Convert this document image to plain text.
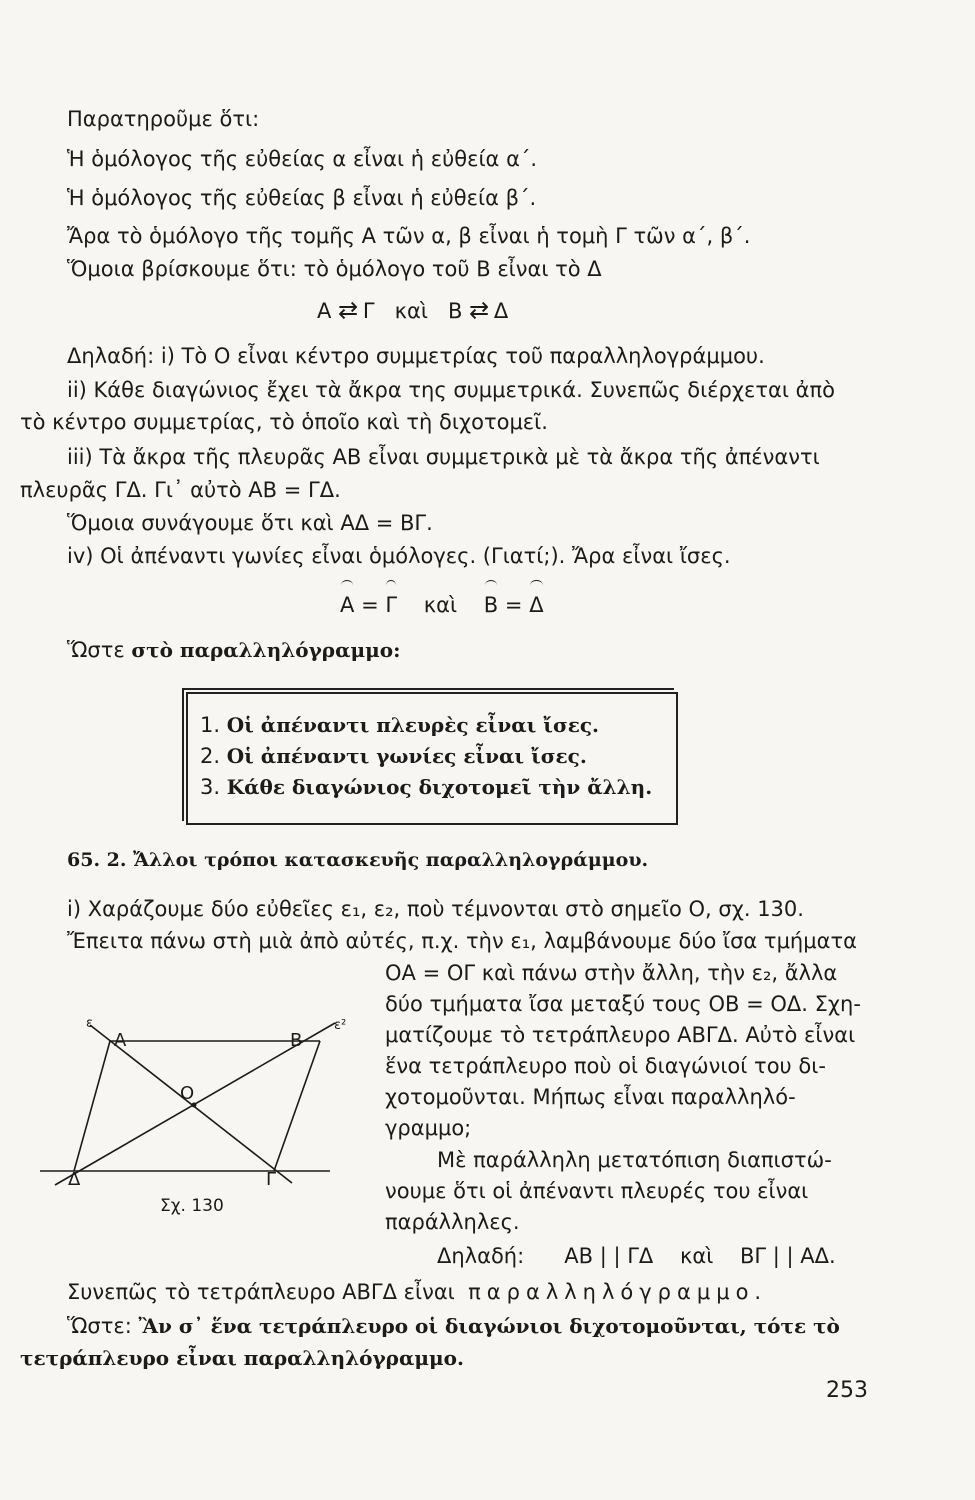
Παρατηροῦμε ὅτι:
Ἡ ὁμόλογος τῆς εὐθείας α εἶναι ἡ εὐθεία α΄.
Ἡ ὁμόλογος τῆς εὐθείας β εἶναι ἡ εὐθεία β΄.
Ἄρα τὸ ὁμόλογο τῆς τομῆς Α τῶν α, β εἶναι ἡ τομὴ Γ τῶν α΄, β΄.
Ὅμοια βρίσκουμε ὅτι: τὸ ὁμόλογο τοῦ Β εἶναι τὸ Δ
Α ⇄ Γ καὶ Β ⇄ Δ
Δηλαδή: i) Τὸ Ο εἶναι κέντρο συμμετρίας τοῦ παραλληλογράμμου.
ii) Κάθε διαγώνιος ἔχει τὰ ἄκρα της συμμετρικά. Συνεπῶς διέρχεται ἀπὸ
τὸ κέντρο συμμετρίας, τὸ ὁποῖο καὶ τὴ διχοτομεῖ.
iii) Τὰ ἄκρα τῆς πλευρᾶς ΑΒ εἶναι συμμετρικὰ μὲ τὰ ἄκρα τῆς ἀπέναντι
πλευρᾶς ΓΔ. Γι᾽ αὐτὸ ΑΒ = ΓΔ.
Ὅμοια συνάγουμε ὅτι καὶ ΑΔ = ΒΓ.
iv) Οἱ ἀπέναντι γωνίες εἶναι ὁμόλογες. (Γιατί;). Ἄρα εἶναι ἴσες.
Α = Γ καὶ Β = Δ
Ὥστε στὸ παραλληλόγραμμο:
1. Οἱ ἀπέναντι πλευρὲς εἶναι ἴσες.
2. Οἱ ἀπέναντι γωνίες εἶναι ἴσες.
3. Κάθε διαγώνιος διχοτομεῖ τὴν ἄλλη.
65. 2. Ἄλλοι τρόποι κατασκευῆς παραλληλογράμμου.
i) Χαράζουμε δύο εὐθεῖες ε₁, ε₂, ποὺ τέμνονται στὸ σημεῖο Ο, σχ. 130.
Ἔπειτα πάνω στὴ μιὰ ἀπὸ αὐτές, π.χ. τὴν ε₁, λαμβάνουμε δύο ἴσα τμήματα
ΟΑ = ΟΓ καὶ πάνω στὴν ἄλλη, τὴν ε₂, ἄλλα
δύο τμήματα ἴσα μεταξύ τους ΟΒ = ΟΔ. Σχη-
ματίζουμε τὸ τετράπλευρο ΑΒΓΔ. Αὐτὸ εἶναι
ἕνα τετράπλευρο ποὺ οἱ διαγώνιοί του δι-
χοτομοῦνται. Μήπως εἶναι παραλληλό-
γραμμο;
Μὲ παράλληλη μετατόπιση διαπιστώ-
νουμε ὅτι οἱ ἀπέναντι πλευρές του εἶναι
παράλληλες.
Δηλαδή: ΑΒ | | ΓΔ καὶ ΒΓ | | ΑΔ.
Συνεπῶς τὸ τετράπλευρο ΑΒΓΔ εἶναι παραλληλόγραμμο.
Ὥστε: Ἂν σ᾽ ἕνα τετράπλευρο οἱ διαγώνιοι διχοτομοῦνται, τότε τὸ
τετράπλευρο εἶναι παραλληλόγραμμο.
Α	Β
Γ
Δ
Ο
ε	ε²
Σχ. 130
253
